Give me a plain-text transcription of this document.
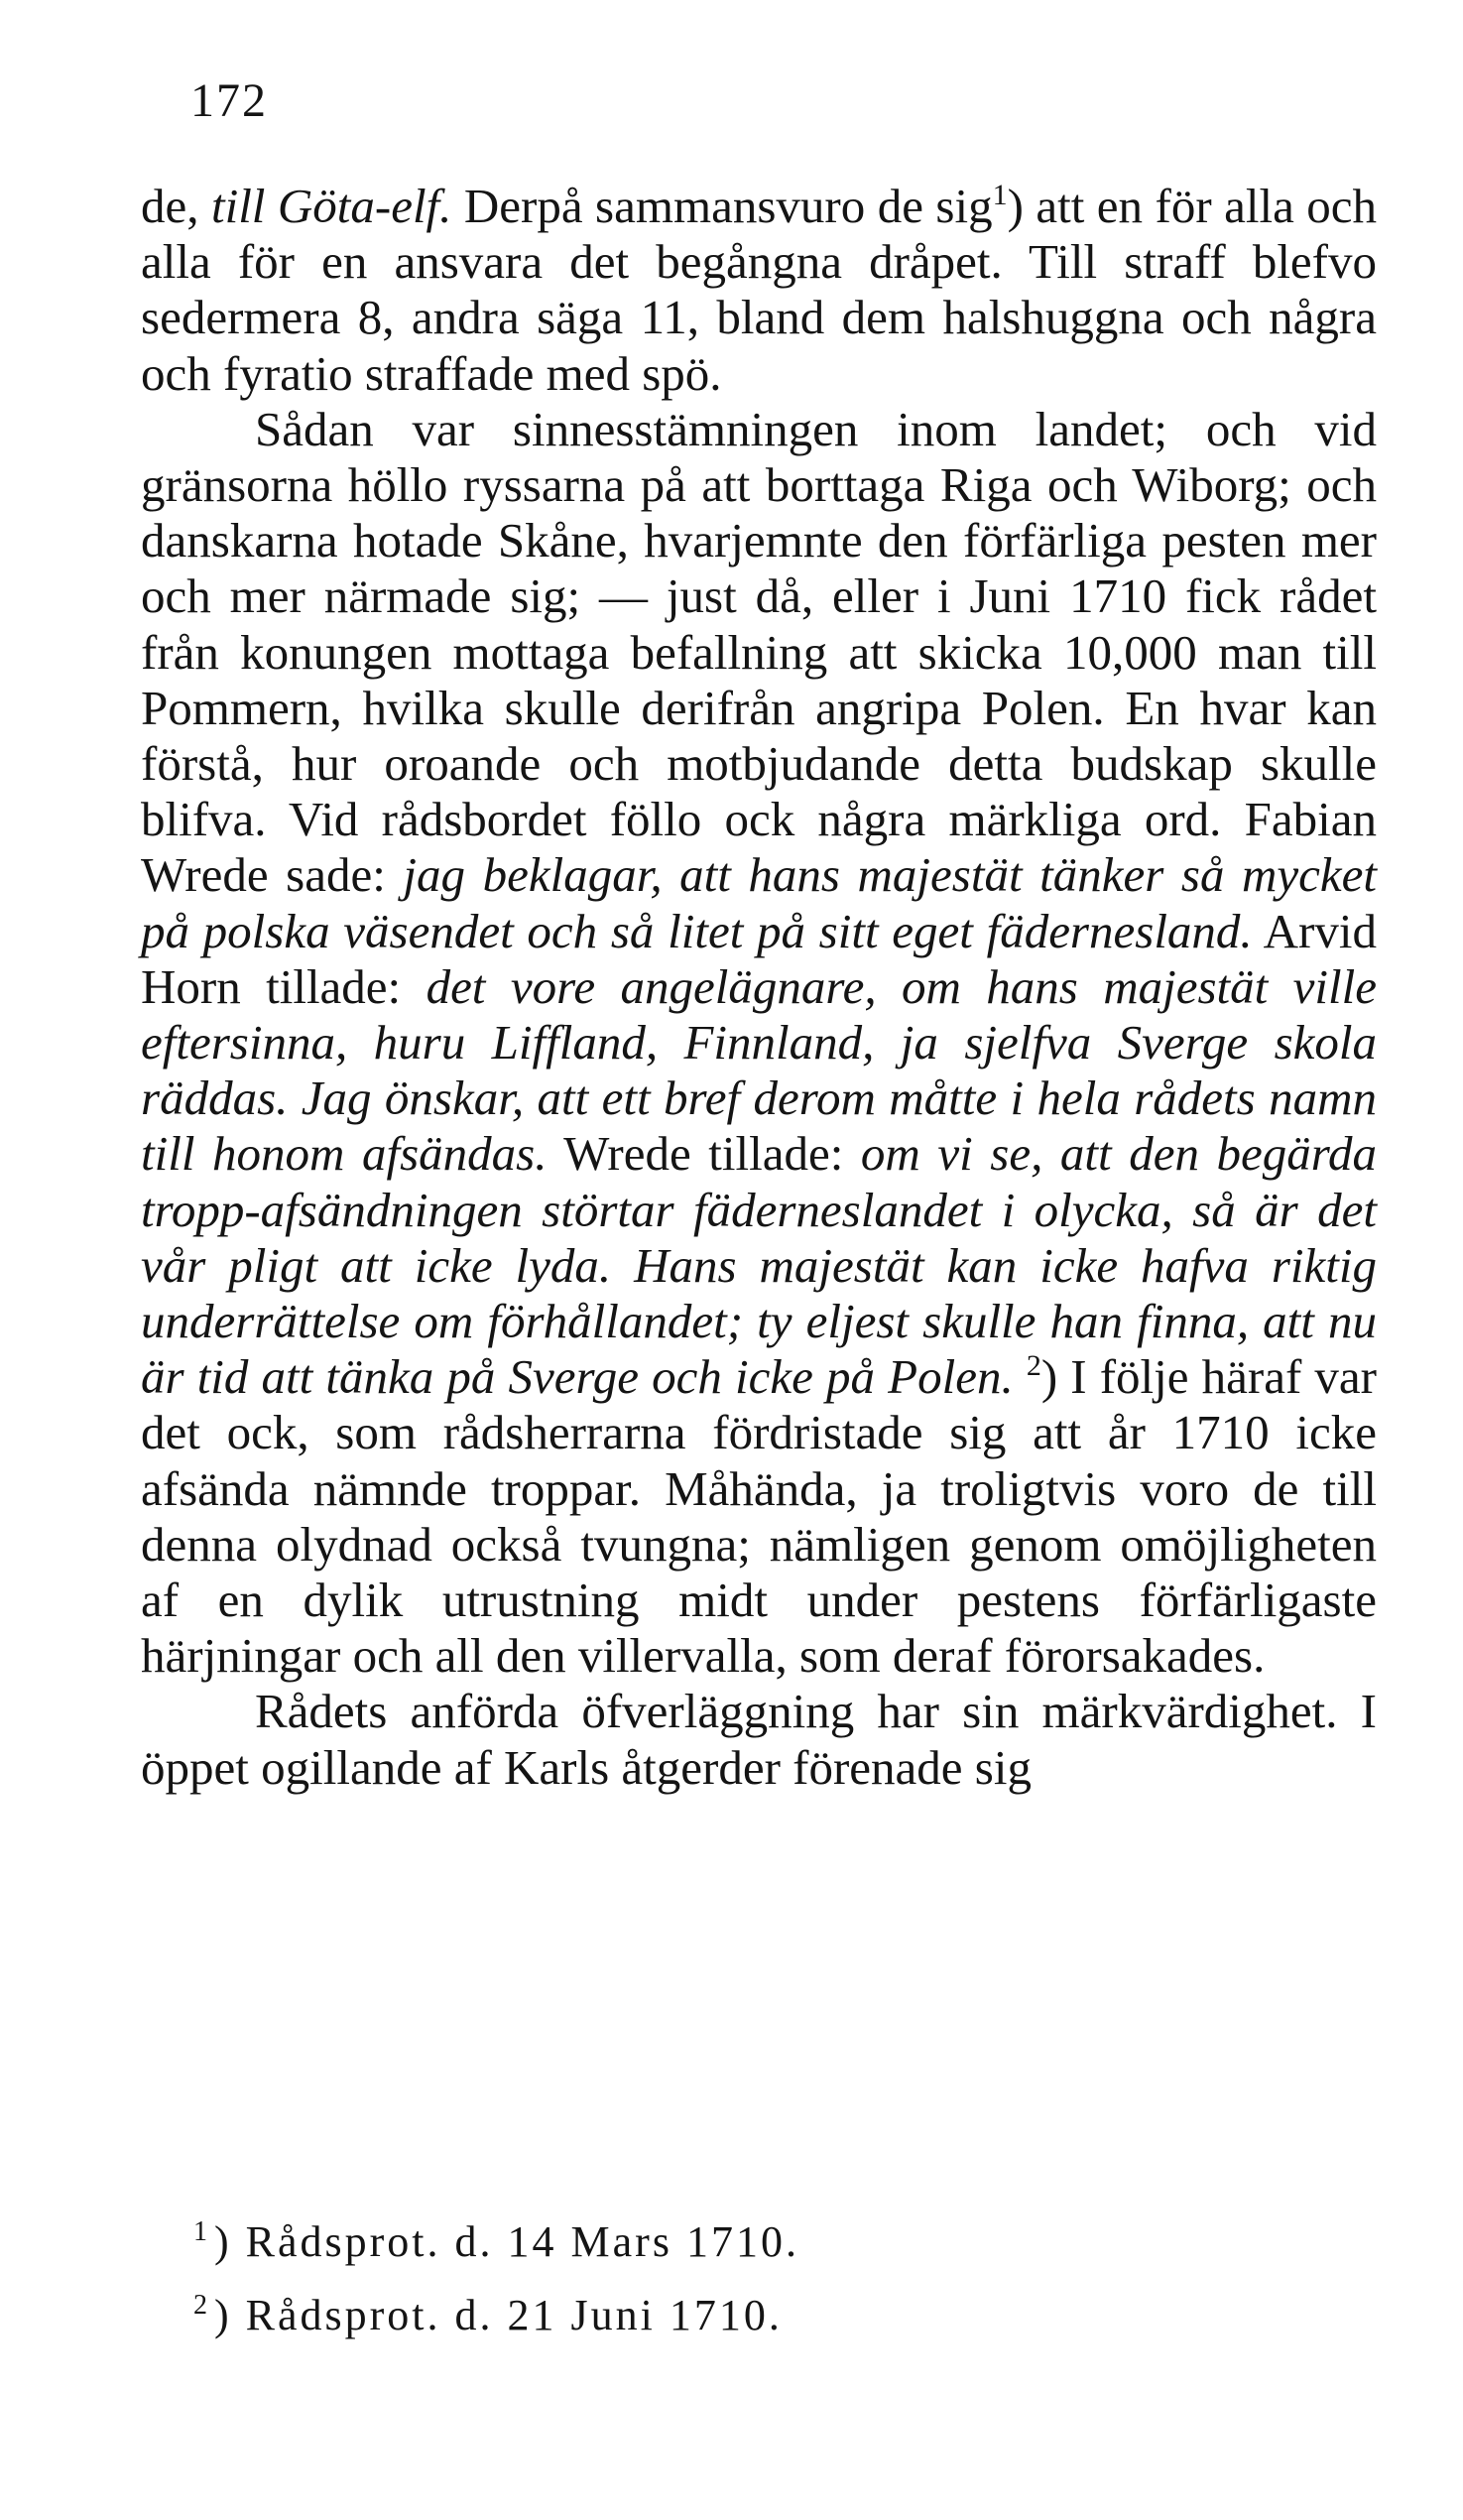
172

de, till Göta-elf. Derpå sammansvuro de sig$^1$) att en för alla och alla för en ansvara det begångna dråpet. Till straff blefvo sedermera 8, andra säga 11, bland dem halshuggna och några och fyratio straffade med spö.

Sådan var sinnesstämningen inom landet; och vid gränsorna höllo ryssarna på att borttaga Riga och Wiborg; och danskarna hotade Skåne, hvarjemnte den förfärliga pesten mer och mer närmade sig; — just då, eller i Juni 1710 fick rådet från konungen mottaga befallning att skicka 10,000 man till Pommern, hvilka skulle derifrån angripa Polen. En hvar kan förstå, hur oroande och motbjudande detta budskap skulle blifva. Vid rådsbordet föllo ock några märkliga ord. Fabian Wrede sade: jag beklagar, att hans majestät tänker så mycket på polska väsendet och så litet på sitt eget fädernesland. Arvid Horn tillade: det vore angelägnare, om hans majestät ville eftersinna, huru Liffland, Finnland, ja sjelfva Sverge skola räddas. Jag önskar, att ett bref derom måtte i hela rådets namn till honom afsändas. Wrede tillade: om vi se, att den begärda tropp-afsändningen störtar fäderneslandet i olycka, så är det vår pligt att icke lyda. Hans majestät kan icke hafva riktig underrättelse om förhållandet; ty eljest skulle han finna, att nu är tid att tänka på Sverge och icke på Polen. $^2$) I följe häraf var det ock, som rådsherrarna fördristade sig att år 1710 icke afsända nämnde troppar. Måhända, ja troligtvis voro de till denna olydnad också tvungna; nämligen genom omöjligheten af en dylik utrustning midt under pestens förfärligaste härjningar och all den villervalla, som deraf förorsakades.

Rådets anförda öfverläggning har sin märkvärdighet. I öppet ogillande af Karls åtgerder förenade sig

$^1$) Rådsprot. d. 14 Mars 1710.
$^2$) Rådsprot. d. 21 Juni 1710.
